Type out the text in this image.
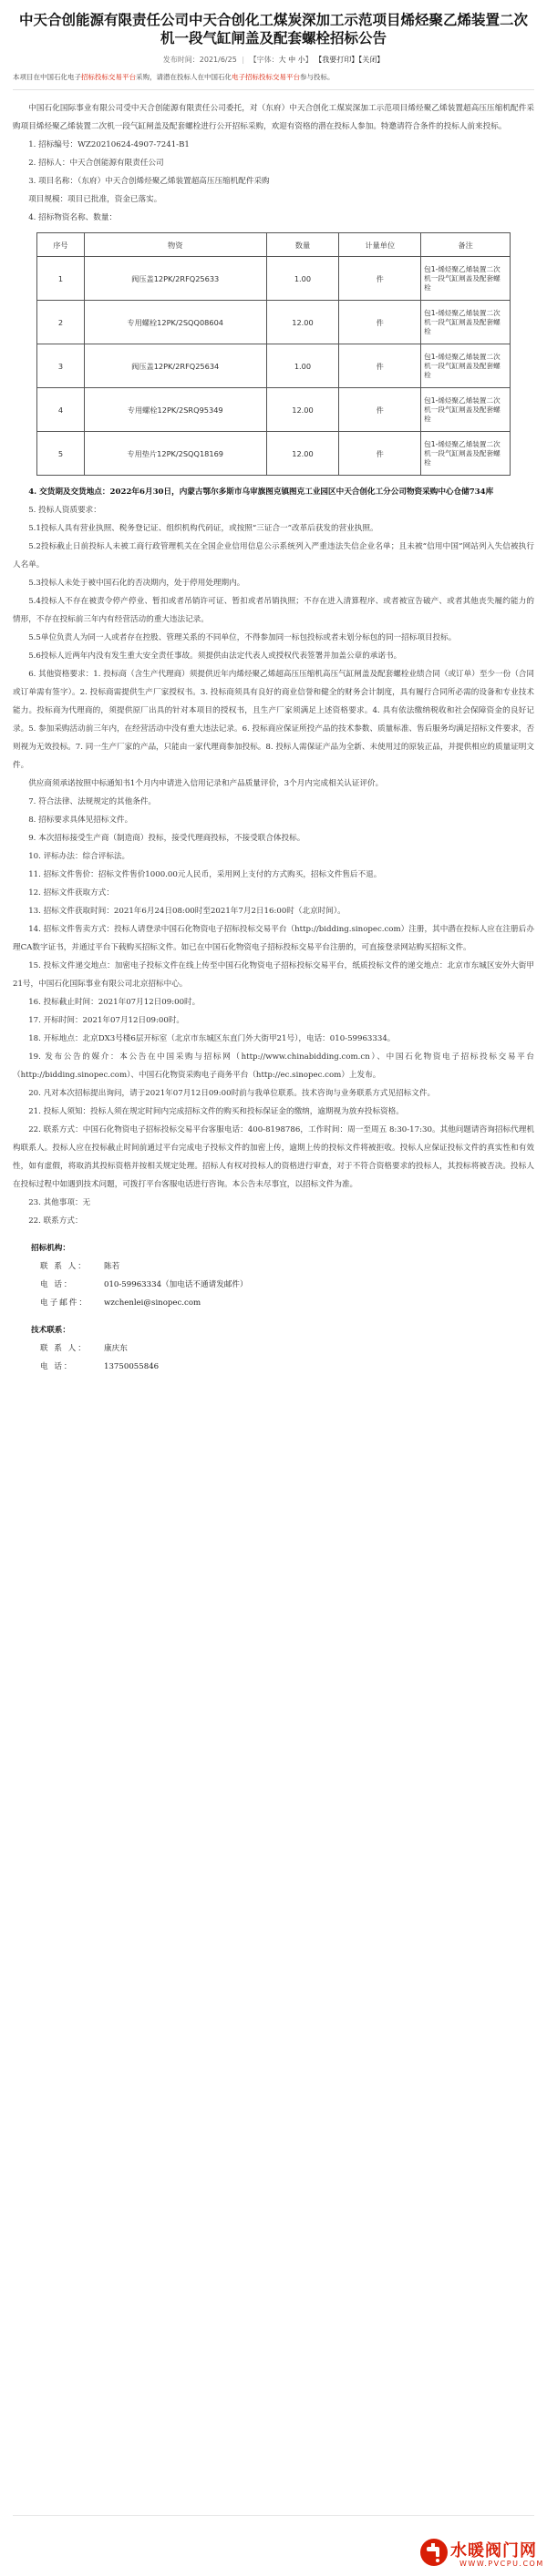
中天合创能源有限责任公司中天合创化工煤炭深加工示范项目烯烃聚乙烯装置二次机一段气缸闸盖及配套螺栓招标公告
发布时间：2021/6/25 | 【字体：大 中 小】 【我要打印】【关闭】
本项目在中国石化电子招标投标交易平台采购，请潜在投标人在中国石化电子招标投标交易平台参与投标。

中国石化国际事业有限公司受中天合创能源有限责任公司委托，对（东府）中天合创化工煤炭深加工示范项目烯烃聚乙烯装置超高压压缩机配件采购项目烯烃聚乙烯装置二次机一段气缸闸盖及配套螺栓进行公开招标采购，欢迎有资格的潜在投标人参加。特邀请符合条件的投标人前来投标。

1. 招标编号：WZ20210624-4907-7241-B1

2. 招标人：中天合创能源有限责任公司

3. 项目名称：（东府）中天合创烯烃聚乙烯装置超高压压缩机配件采购

项目规模：项目已批准，资金已落实。

4. 招标物资名称、数量：

序号	物资	数量	计量单位	备注
1	阀压盖12PK/2RFQ25633	1.00	件	包1-烯烃聚乙烯装置二次机一段气缸闸盖及配套螺栓
2	专用螺栓12PK/2SQQ08604	12.00	件	包1-烯烃聚乙烯装置二次机一段气缸闸盖及配套螺栓
3	阀压盖12PK/2RFQ25634	1.00	件	包1-烯烃聚乙烯装置二次机一段气缸闸盖及配套螺栓
4	专用螺栓12PK/2SRQ95349	12.00	件	包1-烯烃聚乙烯装置二次机一段气缸闸盖及配套螺栓
5	专用垫片12PK/2SQQ18169	12.00	件	包1-烯烃聚乙烯装置二次机一段气缸闸盖及配套螺栓

4. 交货期及交货地点：2022年6月30日，内蒙古鄂尔多斯市乌审旗图克镇图克工业园区中天合创化工分公司物资采购中心仓储734库

5. 投标人资质要求：

5.1投标人具有营业执照、税务登记证、组织机构代码证，或按照“三证合一”改革后获发的营业执照。

5.2投标截止日前投标人未被工商行政管理机关在全国企业信用信息公示系统列入严重违法失信企业名单；且未被“信用中国”网站列入失信被执行人名单。

5.3投标人未处于被中国石化的否决期内，处于停用处理期内。

5.4投标人不存在被责令停产停业、暂扣或者吊销许可证、暂扣或者吊销执照；不存在进入清算程序、或者被宣告破产、或者其他丧失履约能力的情形，不存在投标前三年内有经营活动的重大违法记录。

5.5单位负责人为同一人或者存在控股、管理关系的不同单位，不得参加同一标包投标或者未划分标包的同一招标项目投标。

5.6投标人近两年内没有发生重大安全责任事故。须提供由法定代表人或授权代表签署并加盖公章的承诺书。

6. 其他资格要求：1. 投标商（含生产代理商）须提供近年内烯烃聚乙烯超高压压缩机高压气缸闸盖及配套螺栓业绩合同（或订单）至少一份（合同或订单需有签字）。2. 投标商需提供生产厂家授权书。3. 投标商须具有良好的商业信誉和健全的财务会计制度，具有履行合同所必需的设备和专业技术能力。投标商为代理商的，须提供原厂出具的针对本项目的授权书，且生产厂家须满足上述资格要求。4. 具有依法缴纳税收和社会保障资金的良好记录。5. 参加采购活动前三年内，在经营活动中没有重大违法记录。6. 投标商应保证所投产品的技术参数、质量标准、售后服务均满足招标文件要求，否则视为无效投标。7. 同一生产厂家的产品，只能由一家代理商参加投标。8. 投标人需保证产品为全新、未使用过的原装正品，并提供相应的质量证明文件。

供应商须承诺按照中标通知书1个月内申请进入信用记录和产品质量评价，3个月内完成相关认证评价。

7. 符合法律、法规规定的其他条件。

8. 招标要求具体见招标文件。

9. 本次招标接受生产商（制造商）投标，接受代理商投标，不接受联合体投标。

10. 评标办法：综合评标法。

11. 招标文件售价：招标文件售价1000.00元人民币，采用网上支付的方式购买，招标文件售后不退。

12. 招标文件获取方式：

13. 招标文件获取时间：2021年6月24日08:00时至2021年7月2日16:00时（北京时间）。

14. 招标文件售卖方式：投标人请登录中国石化物资电子招标投标交易平台（http://bidding.sinopec.com）注册，其中潜在投标人应在注册后办理CA数字证书，并通过平台下载购买招标文件。如已在中国石化物资电子招标投标交易平台注册的，可直接登录网站购买招标文件。

15. 投标文件递交地点：加密电子投标文件在线上传至中国石化物资电子招标投标交易平台，纸质投标文件的递交地点：北京市东城区安外大街甲21号，中国石化国际事业有限公司北京招标中心。

16. 投标截止时间：2021年07月12日09:00时。

17. 开标时间：2021年07月12日09:00时。

18. 开标地点：北京DX3号楼6层开标室（北京市东城区东直门外大街甲21号），电话：010-59963334。

19. 发布公告的媒介：本公告在中国采购与招标网（http://www.chinabidding.com.cn）、中国石化物资电子招标投标交易平台（http://bidding.sinopec.com）、中国石化物资采购电子商务平台（http://ec.sinopec.com）上发布。

20. 凡对本次招标提出询问，请于2021年07月12日09:00时前与我单位联系。技术咨询与业务联系方式见招标文件。

21. 投标人须知：投标人须在规定时间内完成招标文件的购买和投标保证金的缴纳，逾期视为放弃投标资格。

22. 联系方式：中国石化物资电子招标投标交易平台客服电话：400-8198786，工作时间：周一至周五 8:30-17:30。其他问题请咨询招标代理机构联系人。投标人应在投标截止时间前通过平台完成电子投标文件的加密上传，逾期上传的投标文件将被拒收。投标人应保证投标文件的真实性和有效性，如有虚假，将取消其投标资格并按相关规定处理。招标人有权对投标人的资格进行审查，对于不符合资格要求的投标人，其投标将被否决。投标人在投标过程中如遇到技术问题，可拨打平台客服电话进行咨询。本公告未尽事宜，以招标文件为准。

23. 其他事项：无

22. 联系方式：

招标机构：
联 系 人： 陈若
电 话：	010-59963334（加电话不通请发邮件）
电子邮件： wzchenlei@sinopec.com
技术联系：
联 系 人： 康庆东
电 话：	13750055846
水暖阀门网
WWW.PVCPU.COM
